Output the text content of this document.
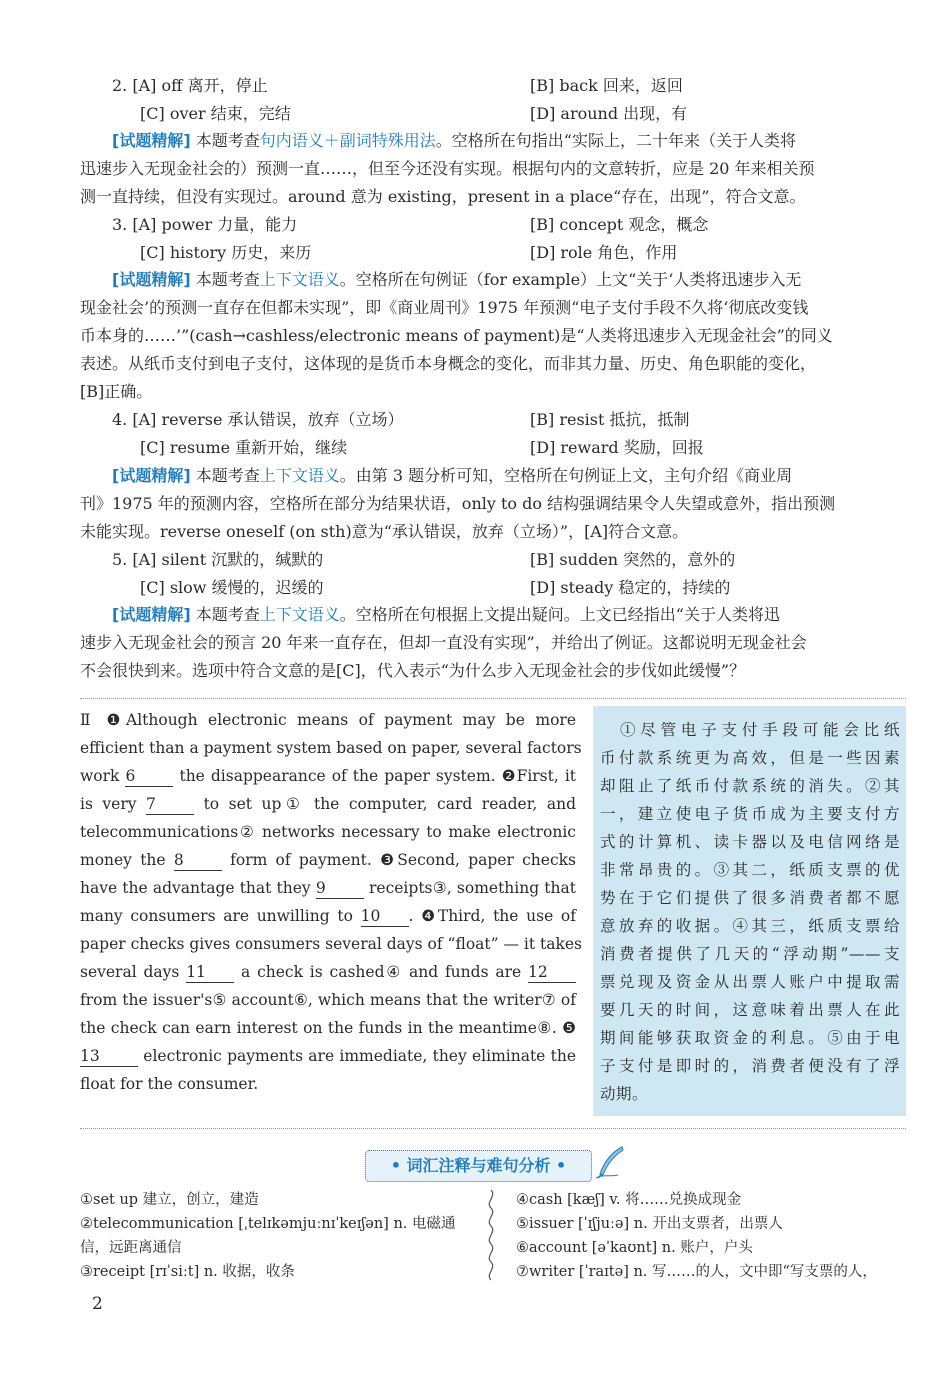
2. [A] off 离开，停止	[B] back 回来，返回
[C] over 结束，完结	[D] around 出现，有
[试题精解] 本题考查句内语义＋副词特殊用法。空格所在句指出“实际上，二十年来（关于人类将
迅速步入无现金社会的）预测一直……，但至今还没有实现。根据句内的文意转折，应是 20 年来相关预
测一直持续，但没有实现过。around 意为 existing，present in a place“存在，出现”，符合文意。
3. [A] power 力量，能力	[B] concept 观念，概念
[C] history 历史，来历	[D] role 角色，作用
[试题精解] 本题考查上下文语义。空格所在句例证（for example）上文“关于‘人类将迅速步入无
现金社会’的预测一直存在但都未实现”，即《商业周刊》1975 年预测“电子支付手段不久将‘彻底改变钱
币本身的……’”(cash→cashless/electronic means of payment)是“人类将迅速步入无现金社会”的同义
表述。从纸币支付到电子支付，这体现的是货币本身概念的变化，而非其力量、历史、角色职能的变化，
[B]正确。
4. [A] reverse 承认错误，放弃（立场）	[B] resist 抵抗，抵制
[C] resume 重新开始，继续	[D] reward 奖励，回报
[试题精解] 本题考查上下文语义。由第 3 题分析可知，空格所在句例证上文，主句介绍《商业周
刊》1975 年的预测内容，空格所在部分为结果状语，only to do 结构强调结果令人失望或意外，指出预测
未能实现。reverse oneself (on sth)意为“承认错误，放弃（立场）”，[A]符合文意。
5. [A] silent 沉默的，缄默的	[B] sudden 突然的，意外的
[C] slow 缓慢的，迟缓的	[D] steady 稳定的，持续的
[试题精解] 本题考查上下文语义。空格所在句根据上文提出疑问。上文已经指出“关于人类将迅
速步入无现金社会的预言 20 年来一直存在，但却一直没有实现”，并给出了例证。这都说明无现金社会
不会很快到来。选项中符合文意的是[C]，代入表示“为什么步入无现金社会的步伐如此缓慢”？
Ⅱ ❶Although electronic means of payment may be more
efficient than a payment system based on paper, several factors
work 6	the disappearance of the paper system. ❷First, it
is very 7	to set up① the computer, card reader, and
telecommunications② networks necessary to make electronic
money the 8	form of payment. ❸Second, paper checks
have the advantage that they 9	receipts③, something that
many consumers are unwilling to 10 . ❹Third, the use of
paper checks gives consumers several days of “float” — it takes
several days 11 a check is cashed④ and funds are 12
from the issuer's⑤ account⑥, which means that the writer⑦ of
the check can earn interest on the funds in the meantime⑧. ❺
13	electronic payments are immediate, they eliminate the
float for the consumer.
①尽管电子支付手段可能会比纸
币付款系统更为高效，但是一些因素
却阻止了纸币付款系统的消失。②其
一，建立使电子货币成为主要支付方
式的计算机、读卡器以及电信网络是
非常昂贵的。③其二，纸质支票的优
势在于它们提供了很多消费者都不愿
意放弃的收据。④其三，纸质支票给
消费者提供了几天的“浮动期”——支
票兑现及资金从出票人账户中提取需
要几天的时间，这意味着出票人在此
期间能够获取资金的利息。⑤由于电
子支付是即时的，消费者便没有了浮
动期。
• 词汇注释与难句分析 •
①set up 建立，创立，建造
②telecommunication [ˌtelɪkəmjuːnɪˈkeɪʃən] n. 电磁通
信，远距离通信
③receipt [rɪˈsiːt] n. 收据，收条
④cash [kæʃ] v. 将……兑换成现金
⑤issuer [ˈɪʃjuːə] n. 开出支票者，出票人
⑥account [əˈkaʊnt] n. 账户，户头
⑦writer [ˈraɪtə] n. 写……的人，文中即“写支票的人，
2
